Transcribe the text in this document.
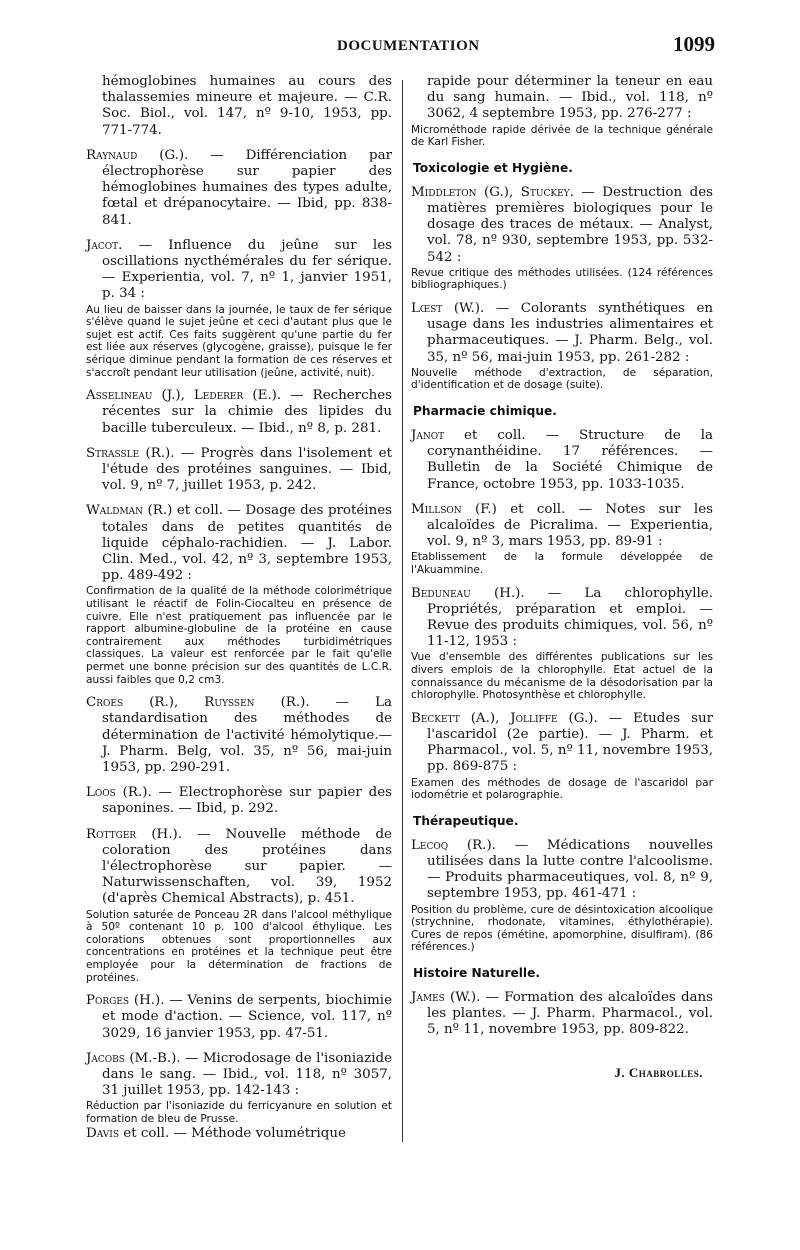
DOCUMENTATION	1099

hémoglobines humaines au cours des thalassemies mineure et majeure. — C.R. Soc. Biol., vol. 147, nº 9-10, 1953, pp. 771-774.

Raynaud (G.). — Différenciation par électrophorèse sur papier des hémoglobines humaines des types adulte, fœtal et drépanocytaire. — Ibid, pp. 838-841.

Jacot. — Influence du jeûne sur les oscillations nycthémérales du fer sérique. — Experientia, vol. 7, nº 1, janvier 1951, p. 34 :

Au lieu de baisser dans la journée, le taux de fer sérique s'élève quand le sujet jeûne et ceci d'autant plus que le sujet est actif. Ces faits suggèrent qu'une partie du fer est liée aux réserves (glycogène, graisse), puisque le fer sérique diminue pendant la formation de ces réserves et s'accroît pendant leur utilisation (jeûne, activité, nuit).

Asselineau (J.), Lederer (E.). — Recherches récentes sur la chimie des lipides du bacille tuberculeux. — Ibid., nº 8, p. 281.

Strassle (R.). — Progrès dans l'isolement et l'étude des protéines sanguines. — Ibid, vol. 9, nº 7, juillet 1953, p. 242.

Waldman (R.) et coll. — Dosage des protéines totales dans de petites quantités de liquide céphalo-rachidien. — J. Labor. Clin. Med., vol. 42, nº 3, septembre 1953, pp. 489-492 :

Confirmation de la qualité de la méthode colorimétrique utilisant le réactif de Folin-Ciocalteu en présence de cuivre. Elle n'est pratiquement pas influencée par le rapport albumine-globuline de la protéine en cause contrairement aux méthodes turbidimétriques classiques. La valeur est renforcée par le fait qu'elle permet une bonne précision sur des quantités de L.C.R. aussi faibles que 0,2 cm3.

Croes (R.), Ruyssen (R.). — La standardisation des méthodes de détermination de l'activité hémolytique.— J. Pharm. Belg, vol. 35, nº 56, mai-juin 1953, pp. 290-291.

Loos (R.). — Electrophorèse sur papier des saponines. — Ibid, p. 292.

Rottger (H.). — Nouvelle méthode de coloration des protéines dans l'électrophorèse sur papier. — Naturwissenschaften, vol. 39, 1952 (d'après Chemical Abstracts), p. 451.

Solution saturée de Ponceau 2R dans l'alcool méthylique à 50º contenant 10 p. 100 d'alcool éthylique. Les colorations obtenues sont proportionnelles aux concentrations en protéines et la technique peut être employée pour la détermination de fractions de protéines.

Porges (H.). — Venins de serpents, biochimie et mode d'action. — Science, vol. 117, nº 3029, 16 janvier 1953, pp. 47-51.

Jacobs (M.-B.). — Microdosage de l'isoniazide dans le sang. — Ibid., vol. 118, nº 3057, 31 juillet 1953, pp. 142-143 :

Réduction par l'isoniazide du ferricyanure en solution et formation de bleu de Prusse.

Davis et coll. — Méthode volumétrique

rapide pour déterminer la teneur en eau du sang humain. — Ibid., vol. 118, nº 3062, 4 septembre 1953, pp. 276-277 :

Microméthode rapide dérivée de la technique générale de Karl Fisher.

Toxicologie et Hygiène.

Middleton (G.), Stuckey. — Destruction des matières premières biologiques pour le dosage des traces de métaux. — Analyst, vol. 78, nº 930, septembre 1953, pp. 532-542 :

Revue critique des méthodes utilisées. (124 références bibliographiques.)

Lœst (W.). — Colorants synthétiques en usage dans les industries alimentaires et pharmaceutiques. — J. Pharm. Belg., vol. 35, nº 56, mai-juin 1953, pp. 261-282 :

Nouvelle méthode d'extraction, de séparation, d'identification et de dosage (suite).

Pharmacie chimique.

Janot et coll. — Structure de la corynanthéidine. 17 références. — Bulletin de la Société Chimique de France, octobre 1953, pp. 1033-1035.

Millson (F.) et coll. — Notes sur les alcaloïdes de Picralima. — Experientia, vol. 9, nº 3, mars 1953, pp. 89-91 :

Etablissement de la formule développée de l'Akuammine.

Beduneau (H.). — La chlorophylle. Propriétés, préparation et emploi. — Revue des produits chimiques, vol. 56, nº 11-12, 1953 :

Vue d'ensemble des différentes publications sur les divers emplois de la chlorophylle. Etat actuel de la connaissance du mécanisme de la désodorisation par la chlorophylle. Photosynthèse et chlorophylle.

Beckett (A.), Jolliffe (G.). — Etudes sur l'ascaridol (2e partie). — J. Pharm. et Pharmacol., vol. 5, nº 11, novembre 1953, pp. 869-875 :

Examen des méthodes de dosage de l'ascaridol par iodométrie et polarographie.

Thérapeutique.

Lecoq (R.). — Médications nouvelles utilisées dans la lutte contre l'alcoolisme. — Produits pharmaceutiques, vol. 8, nº 9, septembre 1953, pp. 461-471 :

Position du problème, cure de désintoxication alcoolique (strychnine, rhodonate, vitamines, éthylothérapie). Cures de repos (émétine, apomorphine, disulfiram). (86 références.)

Histoire Naturelle.

James (W.). — Formation des alcaloïdes dans les plantes. — J. Pharm. Pharmacol., vol. 5, nº 11, novembre 1953, pp. 809-822.

J. Chabrolles.
